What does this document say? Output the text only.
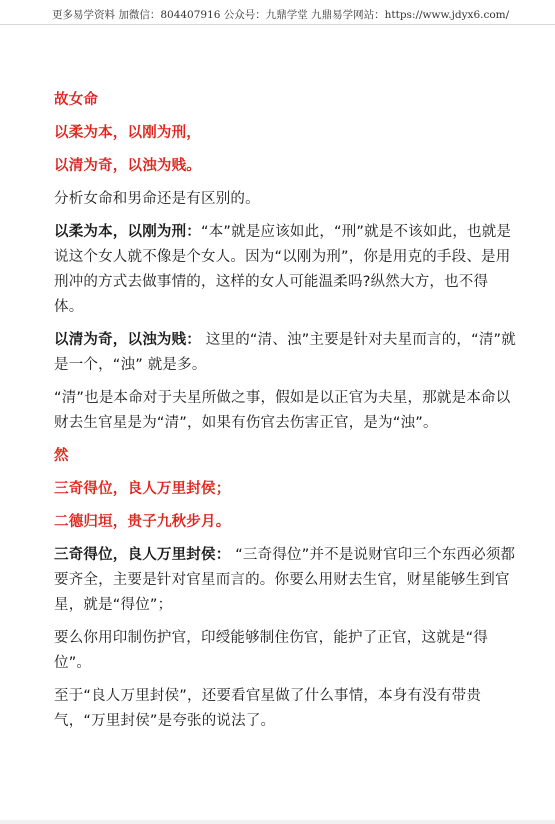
更多易学资料 加微信：804407916 公众号：九鼎学堂 九鼎易学网站：https://www.jdyx6.com/

故女命

以柔为本，以刚为刑，

以清为奇，以浊为贱。

分析女命和男命还是有区别的。

以柔为本，以刚为刑：“本”就是应该如此，“刑”就是不该如此，也就是说这个女人就不像是个女人。因为“以刚为刑”，你是用克的手段、是用刑冲的方式去做事情的，这样的女人可能温柔吗?纵然大方，也不得体。

以清为奇，以浊为贱： 这里的“清、浊”主要是针对夫星而言的，“清”就是一个，“浊” 就是多。

“清”也是本命对于夫星所做之事，假如是以正官为夫星，那就是本命以财去生官星是为“清”，如果有伤官去伤害正官，是为“浊”。

然

三奇得位，良人万里封侯；

二德归垣，贵子九秋步月。

三奇得位，良人万里封侯： “三奇得位”并不是说财官印三个东西必须都要齐全，主要是针对官星而言的。你要么用财去生官，财星能够生到官星，就是“得位”；

要么你用印制伤护官，印绶能够制住伤官，能护了正官，这就是“得位”。

至于“良人万里封侯”，还要看官星做了什么事情，本身有没有带贵气，“万里封侯”是夸张的说法了。
